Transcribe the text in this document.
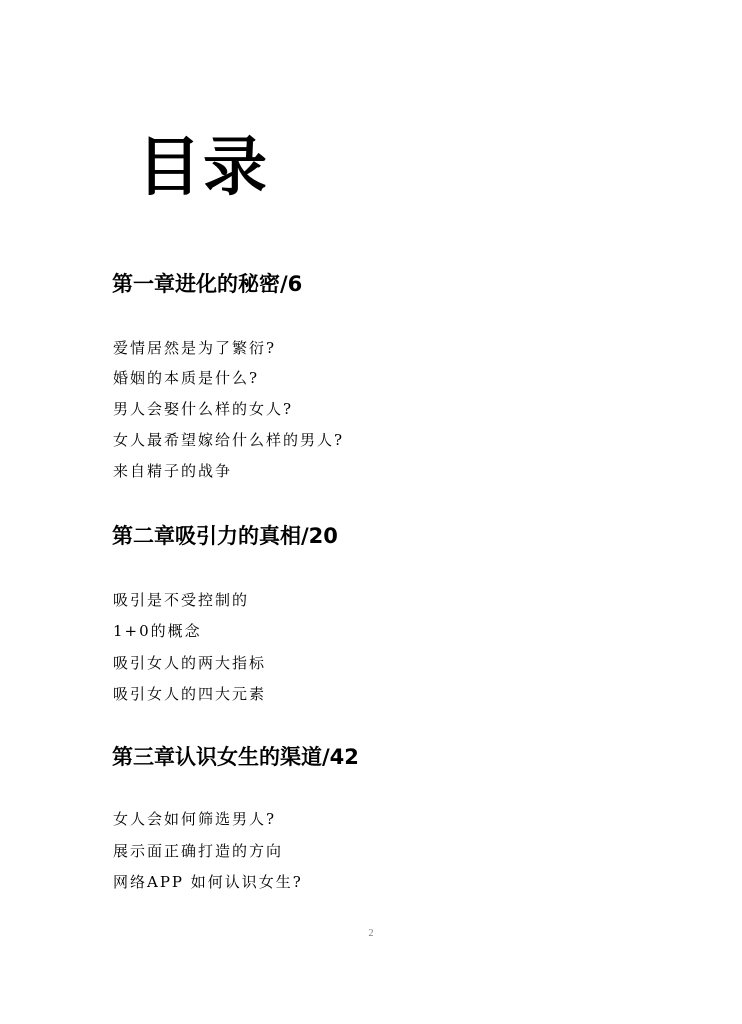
目录
第一章进化的秘密/6

爱情居然是为了繁衍?

婚姻的本质是什么?

男人会娶什么样的女人?

女人最希望嫁给什么样的男人?

来自精子的战争

第二章吸引力的真相/20

吸引是不受控制的

1+0的概念

吸引女人的两大指标

吸引女人的四大元素

第三章认识女生的渠道/42

女人会如何筛选男人?

展示面正确打造的方向

网络APP 如何认识女生?

2
